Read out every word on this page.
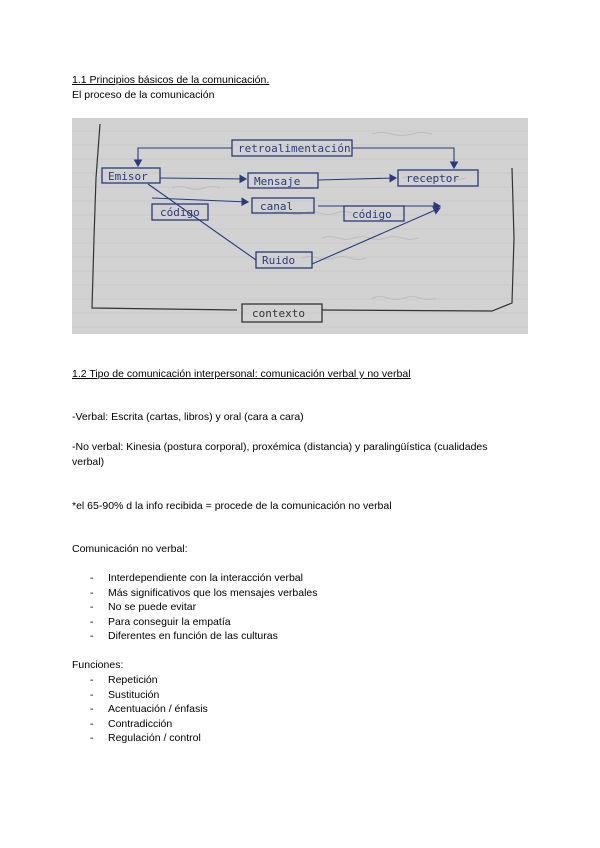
1.1 Principios básicos de la comunicación.
El proceso de la comunicación
retroalimentación
Emisor	Mensaje	receptor
código	canal
código
Ruido
contexto
1.2 Tipo de comunicación interpersonal: comunicación verbal y no verbal
-Verbal: Escrita (cartas, libros) y oral (cara a cara)
-No verbal: Kinesia (postura corporal), proxémica (distancia) y paralingüística (cualidades
verbal)
*el 65-90% d la info recibida = procede de la comunicación no verbal
Comunicación no verbal:
- Interdependiente con la interacción verbal
- Más significativos que los mensajes verbales
- No se puede evitar
- Para conseguir la empatía
- Diferentes en función de las culturas
Funciones:
- Repetición
- Sustitución
- Acentuación / énfasis
- Contradicción
- Regulación / control
